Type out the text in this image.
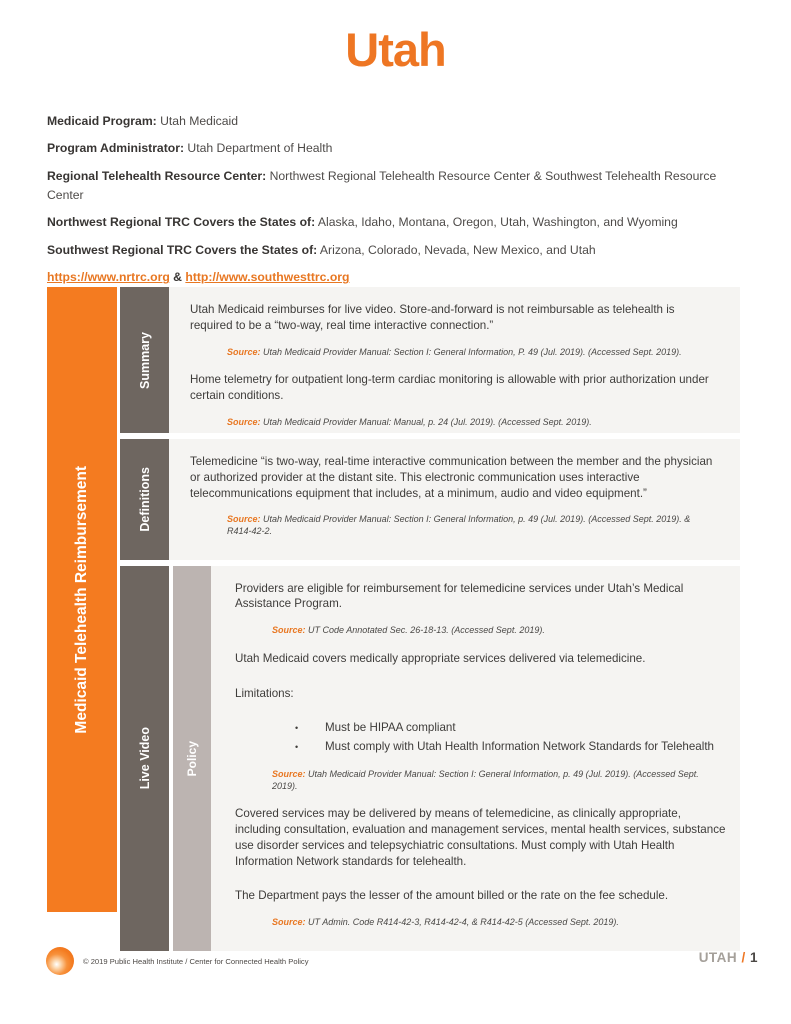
Utah

Medicaid Program: Utah Medicaid

Program Administrator: Utah Department of Health

Regional Telehealth Resource Center: Northwest Regional Telehealth Resource Center & Southwest Telehealth Resource Center

Northwest Regional TRC Covers the States of: Alaska, Idaho, Montana, Oregon, Utah, Washington, and Wyoming

Southwest Regional TRC Covers the States of: Arizona, Colorado, Nevada, New Mexico, and Utah

https://www.nrtrc.org & http://www.southwesttrc.org

Medicaid Telehealth Reimbursement
Summary

Utah Medicaid reimburses for live video. Store-and-forward is not reimbursable as telehealth is required to be a “two-way, real time interactive connection.”

Source: Utah Medicaid Provider Manual: Section I: General Information, P. 49 (Jul. 2019). (Accessed Sept. 2019).

Home telemetry for outpatient long-term cardiac monitoring is allowable with prior authorization under certain conditions.

Source: Utah Medicaid Provider Manual: Manual, p. 24 (Jul. 2019). (Accessed Sept. 2019).

Definitions

Telemedicine “is two-way, real-time interactive communication between the member and the physician or authorized provider at the distant site. This electronic communication uses interactive telecommunications equipment that includes, at a minimum, audio and video equipment.”

Source: Utah Medicaid Provider Manual: Section I: General Information, p. 49 (Jul. 2019). (Accessed Sept. 2019). & R414-42-2.

Live Video	Policy

Providers are eligible for reimbursement for telemedicine services under Utah’s Medical Assistance Program.

Source: UT Code Annotated Sec. 26-18-13. (Accessed Sept. 2019).

Utah Medicaid covers medically appropriate services delivered via telemedicine.

Limitations:

•	Must be HIPAA compliant
•	Must comply with Utah Health Information Network Standards for Telehealth

Source: Utah Medicaid Provider Manual: Section I: General Information, p. 49 (Jul. 2019). (Accessed Sept. 2019).

Covered services may be delivered by means of telemedicine, as clinically appropriate, including consultation, evaluation and management services, mental health services, substance use disorder services and telepsychiatric consultations. Must comply with Utah Health Information Network standards for telehealth.

The Department pays the lesser of the amount billed or the rate on the fee schedule.

Source: UT Admin. Code R414-42-3, R414-42-4, & R414-42-5 (Accessed Sept. 2019).

© 2019 Public Health Institute / Center for Connected Health Policy	UTAH / 1
